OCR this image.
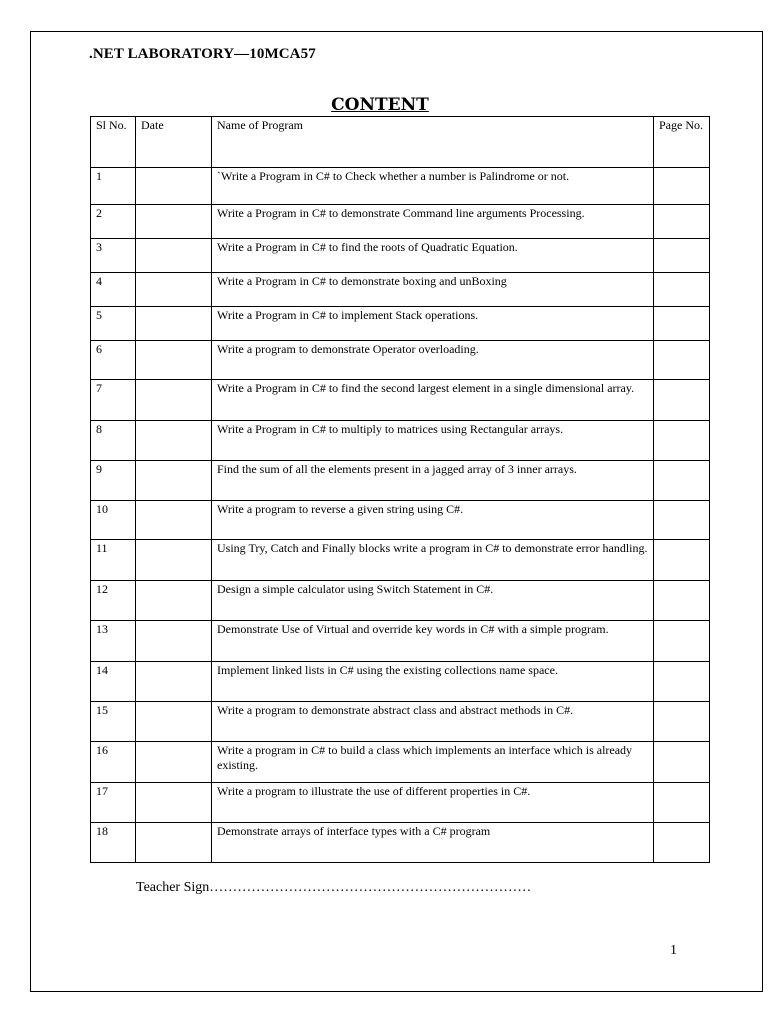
.NET LABORATORY—10MCA57
CONTENT
Sl No.	Date	Name of Program	Page No.
1		`Write a Program in C# to Check whether a number is Palindrome or not.	
2		Write a Program in C# to demonstrate Command line arguments Processing.	
3		Write a Program in C# to find the roots of Quadratic Equation.	
4		Write a Program in C# to demonstrate boxing and unBoxing	
5		Write a Program in C# to implement Stack operations.	
6		Write a program to demonstrate Operator overloading.	
7		Write a Program in C# to find the second largest element in a single dimensional array.	
8		Write a Program in C# to multiply to matrices using Rectangular arrays.	
9		Find the sum of all the elements present in a jagged array of 3 inner arrays.	
10		Write a program to reverse a given string using C#.	
11		Using Try, Catch and Finally blocks write a program in C# to demonstrate error handling.	
12		Design a simple calculator using Switch Statement in C#.	
13		Demonstrate Use of Virtual and override key words in C# with a simple program.	
14		Implement linked lists in C# using the existing collections name space.	
15		Write a program to demonstrate abstract class and abstract methods in C#.	
16		Write a program in C# to build a class which implements an interface which is already existing.	
17		Write a program to illustrate the use of different properties in C#.	
18		Demonstrate arrays of interface types with a C# program	
Teacher Sign……………………………………………………………
1
